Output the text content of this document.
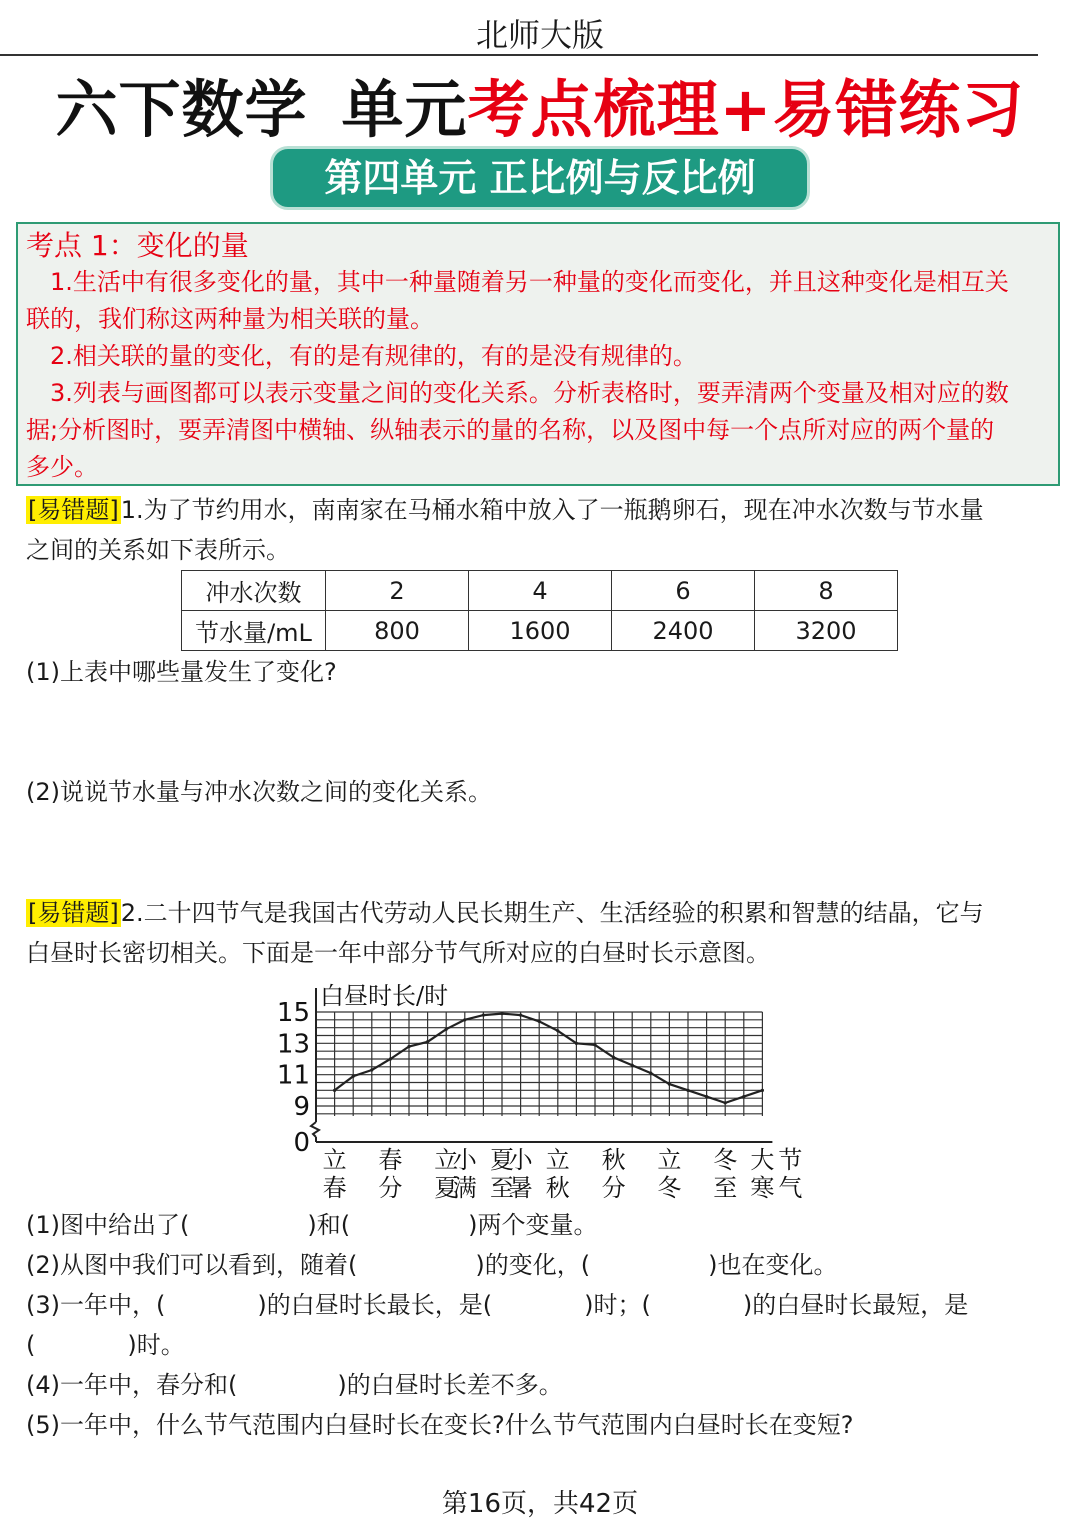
北师大版
六下数学 单元考点梳理+易错练习
第四单元 正比例与反比例
考点 1：变化的量
1.生活中有很多变化的量，其中一种量随着另一种量的变化而变化，并且这种变化是相互关
联的，我们称这两种量为相关联的量。
2.相关联的量的变化，有的是有规律的，有的是没有规律的。
3.列表与画图都可以表示变量之间的变化关系。分析表格时，要弄清两个变量及相对应的数
据;分析图时，要弄清图中横轴、纵轴表示的量的名称，以及图中每一个点所对应的两个量的
多少。
[易错题]1.为了节约用水，南南家在马桶水箱中放入了一瓶鹅卵石，现在冲水次数与节水量
之间的关系如下表所示。
冲水次数	2	4	6	8
节水量/mL	800	1600	2400	3200
(1)上表中哪些量发生了变化?
(2)说说节水量与冲水次数之间的变化关系。
[易错题]2.二十四节气是我国古代劳动人民长期生产、生活经验的积累和智慧的结晶，它与
白昼时长密切相关。下面是一年中部分节气所对应的白昼时长示意图。
白昼时长/时
15
13
11
9
0
立春
春分
立夏
小满
夏至
小暑
立秋
秋分
立冬
冬至
大寒
节气
(1)图中给出了(	)和(	)两个变量。
(2)从图中我们可以看到，随着(	)的变化，(	)也在变化。
(3)一年中，(	)的白昼时长最长，是(	)时；(	)的白昼时长最短，是
(	)时。
(4)一年中，春分和(	)的白昼时长差不多。
(5)一年中，什么节气范围内白昼时长在变长?什么节气范围内白昼时长在变短?
第16页，共42页
